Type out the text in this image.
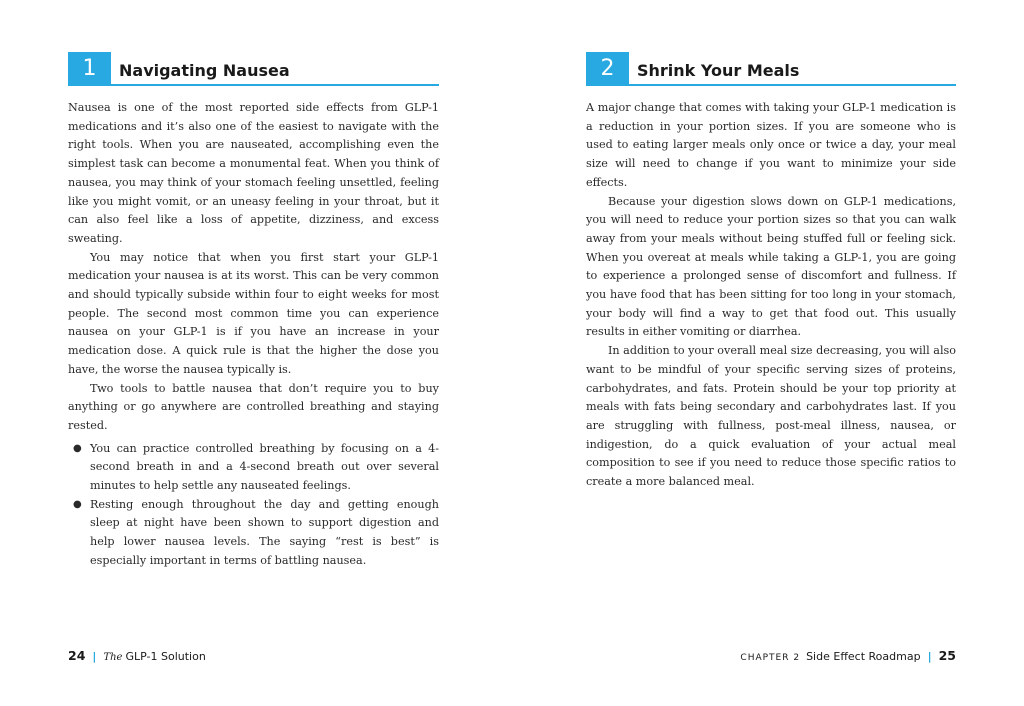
1	Navigating Nausea

Nausea is one of the most reported side effects from GLP-1 medications and it’s also one of the easiest to navigate with the right tools. When you are nauseated, accomplishing even the simplest task can become a monumental feat. When you think of nausea, you may think of your stomach feeling unsettled, feeling like you might vomit, or an uneasy feeling in your throat, but it can also feel like a loss of appetite, dizziness, and excess sweating.

You may notice that when you first start your GLP-1 medication your nausea is at its worst. This can be very common and should typically subside within four to eight weeks for most people. The second most common time you can experience nausea on your GLP-1 is if you have an increase in your medication dose. A quick rule is that the higher the dose you have, the worse the nausea typically is.

Two tools to battle nausea that don’t require you to buy anything or go anywhere are controlled breathing and staying rested.

● You can practice controlled breathing by focusing on a 4-second breath in and a 4-second breath out over several minutes to help settle any nauseated feelings.
● Resting enough throughout the day and getting enough sleep at night have been shown to support digestion and help lower nausea levels. The saying “rest is best” is especially important in terms of battling nausea.
24 | The GLP-1 Solution
2	Shrink Your Meals

A major change that comes with taking your GLP-1 medication is a reduction in your portion sizes. If you are someone who is used to eating larger meals only once or twice a day, your meal size will need to change if you want to minimize your side effects.

Because your digestion slows down on GLP-1 medications, you will need to reduce your portion sizes so that you can walk away from your meals without being stuffed full or feeling sick. When you overeat at meals while taking a GLP-1, you are going to experience a prolonged sense of discomfort and fullness. If you have food that has been sitting for too long in your stomach, your body will find a way to get that food out. This usually results in either vomiting or diarrhea.

In addition to your overall meal size decreasing, you will also want to be mindful of your specific serving sizes of proteins, carbohydrates, and fats. Protein should be your top priority at meals with fats being secondary and carbohydrates last. If you are struggling with fullness, post-meal illness, nausea, or indigestion, do a quick evaluation of your actual meal composition to see if you need to reduce those specific ratios to create a more balanced meal.

CHAPTER 2 Side Effect Roadmap | 25
